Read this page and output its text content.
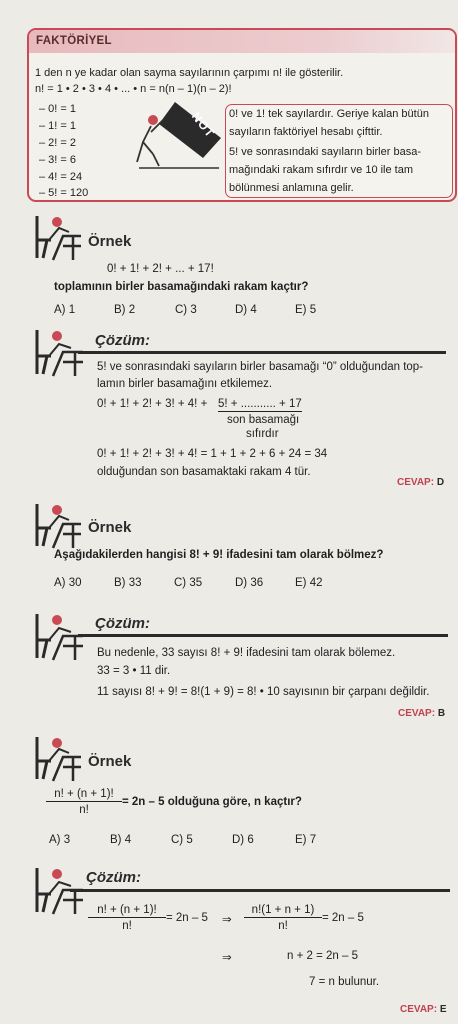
FAKTÖRİYEL
1 den n ye kadar olan sayma sayılarının çarpımı n! ile gösterilir.
n! = 1 • 2 • 3 • 4 • ... • n = n(n – 1)(n – 2)!
– 0! = 1
– 1! = 1
– 2! = 2
– 3! = 6
– 4! = 24
– 5! = 120
NOT 0! ve 1! tek sayılardır. Geriye kalan bütün
sayıların faktöriyel hesabı çifttir.
5! ve sonrasındaki sayıların birler basa-
mağındaki rakam sıfırdır ve 10 ile tam
bölünmesi anlamına gelir.
Örnek
0! + 1! + 2! + ... + 17!
toplamının birler basamağındaki rakam kaçtır?
A) 1	B) 2	C) 3	D) 4	E) 5
Çözüm:
5! ve sonrasındaki sayıların birler basamağı “0” olduğundan top-
lamın birler basamağını etkilemez.
0! + 1! + 2! + 3! + 4! + 5! + ........... + 17
son basamağı
sıfırdır
0! + 1! + 2! + 3! + 4! = 1 + 1 + 2 + 6 + 24 = 34
olduğundan son basamaktaki rakam 4 tür.
CEVAP: D
Örnek
Aşağıdakilerden hangisi 8! + 9! ifadesini tam olarak bölmez?
A) 30	B) 33	C) 35	D) 36	E) 42
Çözüm:
Bu nedenle, 33 sayısı 8! + 9! ifadesini tam olarak bölemez.
33 = 3 • 11 dir.
11 sayısı 8! + 9! = 8!(1 + 9) = 8! • 10 sayısının bir çarpanı değildir.
CEVAP: B
Örnek
$\frac{n! + (n + 1)!}{n!} = 2n - 5$ olduğuna göre, n kaçtır?
A) 3	B) 4	C) 5	D) 6	E) 7
Çözüm:
$\frac{n! + (n + 1)!}{n!} = 2n - 5$ ⇒ $\frac{n!(1 + n + 1)}{n!} = 2n - 5$
⇒	n + 2 = 2n – 5
7 = n bulunur.
CEVAP: E
